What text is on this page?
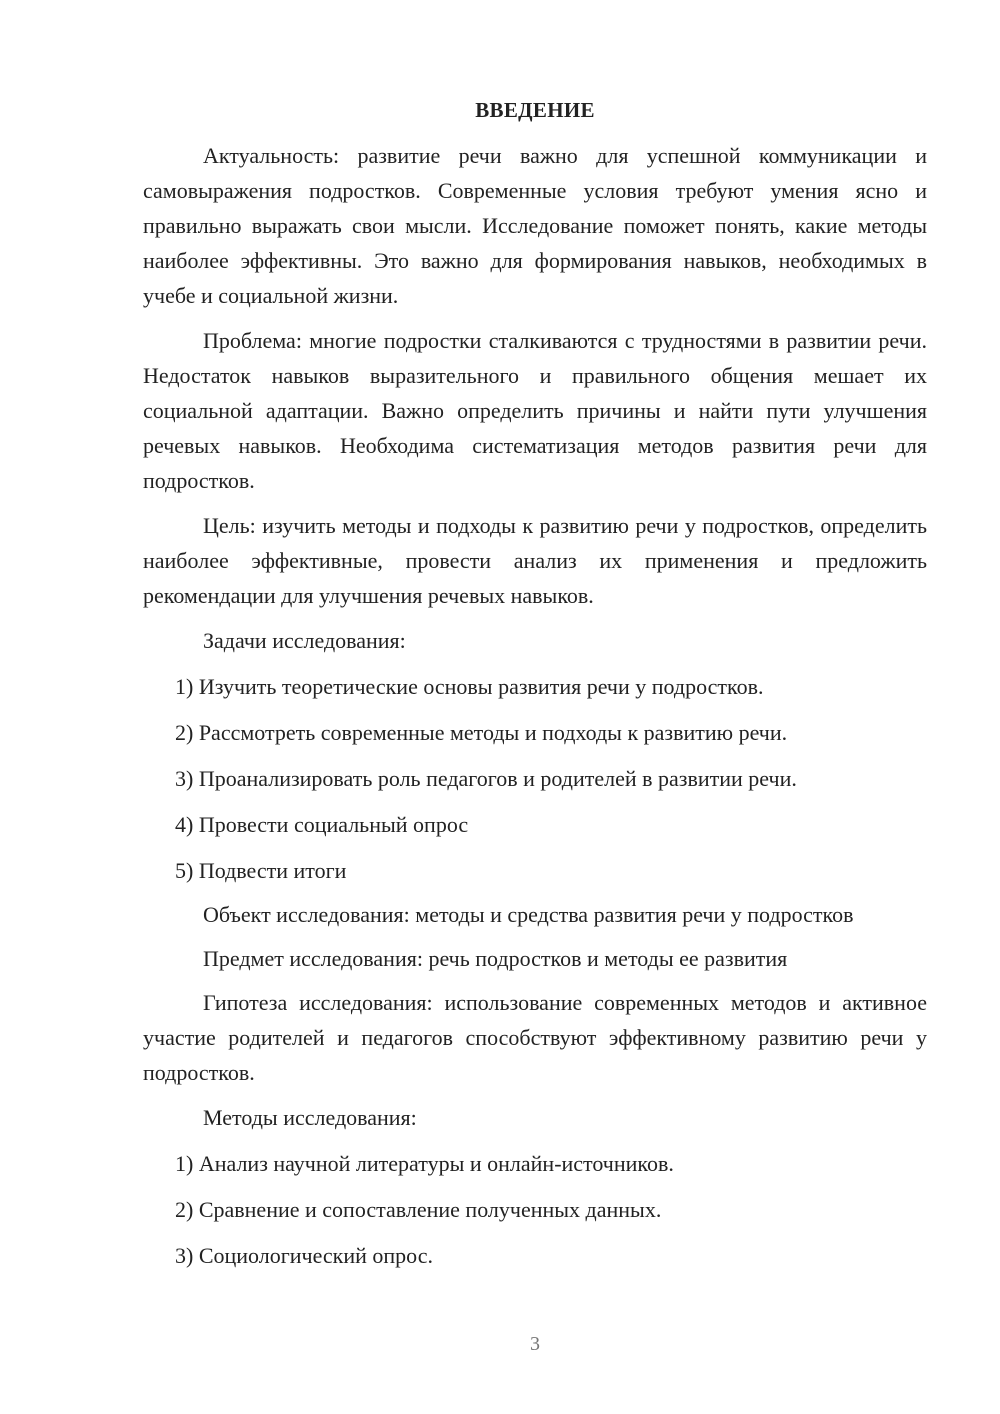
ВВЕДЕНИЕ

Актуальность: развитие речи важно для успешной коммуникации и самовыражения подростков. Современные условия требуют умения ясно и правильно выражать свои мысли. Исследование поможет понять, какие методы наиболее эффективны. Это важно для формирования навыков, необходимых в учебе и социальной жизни.

Проблема: многие подростки сталкиваются с трудностями в развитии речи. Недостаток навыков выразительного и правильного общения мешает их социальной адаптации. Важно определить причины и найти пути улучшения речевых навыков. Необходима систематизация методов развития речи для подростков.

Цель: изучить методы и подходы к развитию речи у подростков, определить наиболее эффективные, провести анализ их применения и предложить рекомендации для улучшения речевых навыков.

Задачи исследования:
1) Изучить теоретические основы развития речи у подростков.
2) Рассмотреть современные методы и подходы к развитию речи.
3) Проанализировать роль педагогов и родителей в развитии речи.
4) Провести социальный опрос
5) Подвести итоги

Объект исследования: методы и средства развития речи у подростков

Предмет исследования: речь подростков и методы ее развития

Гипотеза исследования: использование современных методов и активное участие родителей и педагогов способствуют эффективному развитию речи у подростков.

Методы исследования:
1) Анализ научной литературы и онлайн-источников.
2) Сравнение и сопоставление полученных данных.
3) Социологический опрос.
3
